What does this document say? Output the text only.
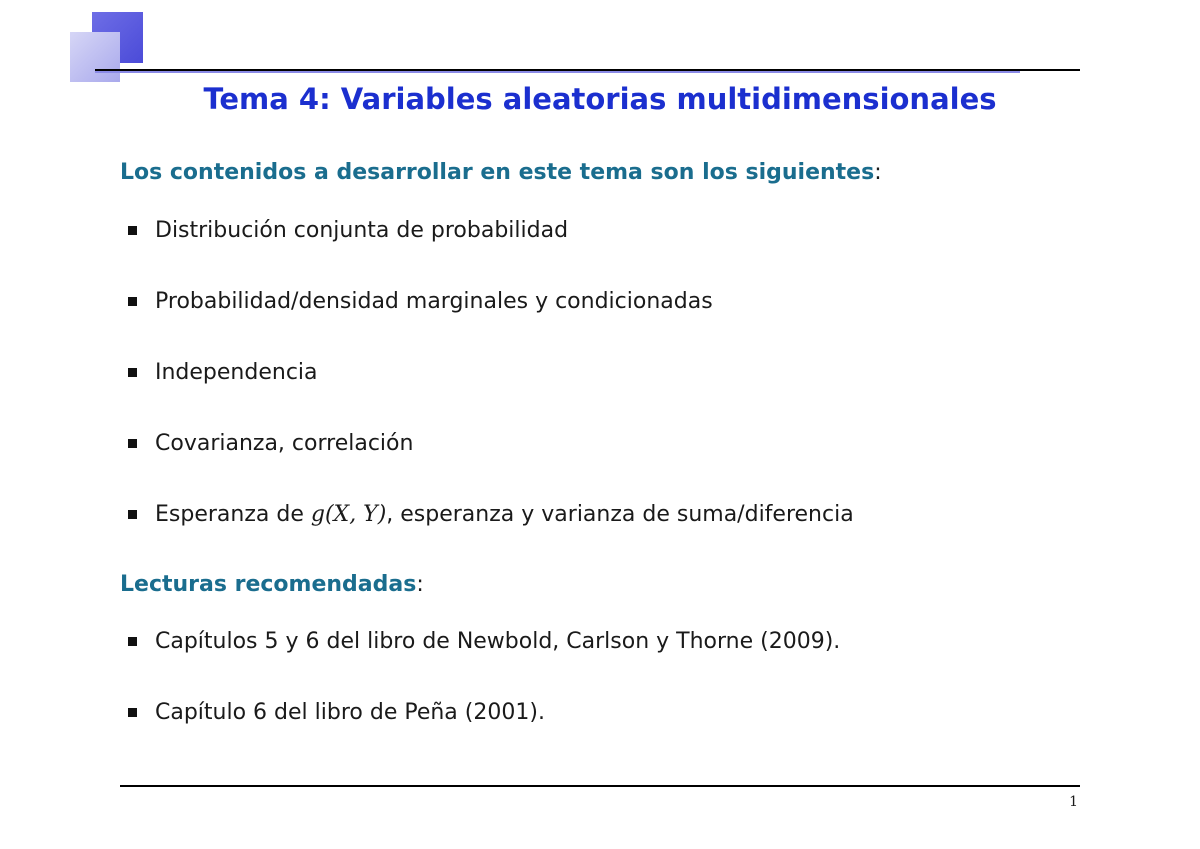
Tema 4: Variables aleatorias multidimensionales

Los contenidos a desarrollar en este tema son los siguientes:

Distribución conjunta de probabilidad
Probabilidad/densidad marginales y condicionadas
Independencia
Covarianza, correlación
Esperanza de g(X, Y), esperanza y varianza de suma/diferencia

Lecturas recomendadas:

Capítulos 5 y 6 del libro de Newbold, Carlson y Thorne (2009).
Capítulo 6 del libro de Peña (2001).
1
